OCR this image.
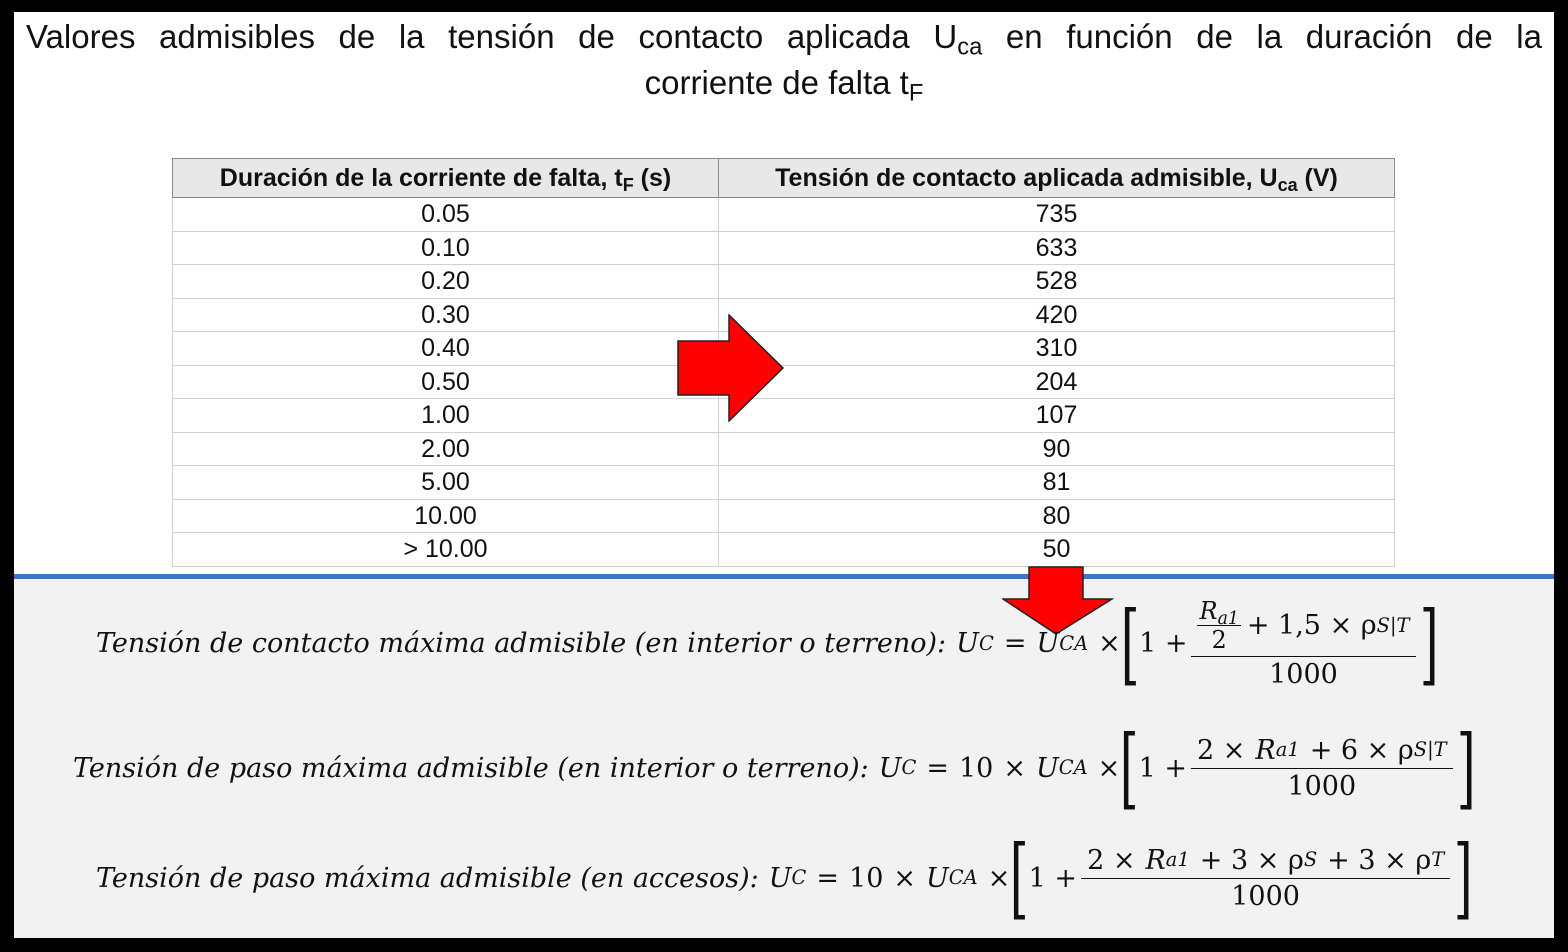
Valores admisibles de la tensión de contacto aplicada $U_{ca}$ en función de la duración de la
corriente de falta $t_F$
Duración de la corriente de falta, $t_F$ (s)	Tensión de contacto aplicada admisible, $U_{ca}$ (V)
0.05	735
0.10	633
0.20	528
0.30	420
0.40	310
0.50	204
1.00	107
2.00	90
5.00	81
10.00	80
> 10.00	50
Tensión de contacto máxima admisible (en interior o terreno): U C = U CA × [ $1 + R_{a1}$
2 + 1,5 × ρ S|T
1000 ]
Tensión de paso máxima admisible (en interior o terreno): U C = 10 × U CA × [ $1 + \frac{\text{2 × R a1 + 6 × ρ S|T}}{1000}$ ]
Tensión de paso máxima admisible (en accesos): U C = 10 × U CA × [ $1 + \frac{\text{2 × R a1 + 3 × ρ S + 3 × ρ T}}{1000}$ ]
